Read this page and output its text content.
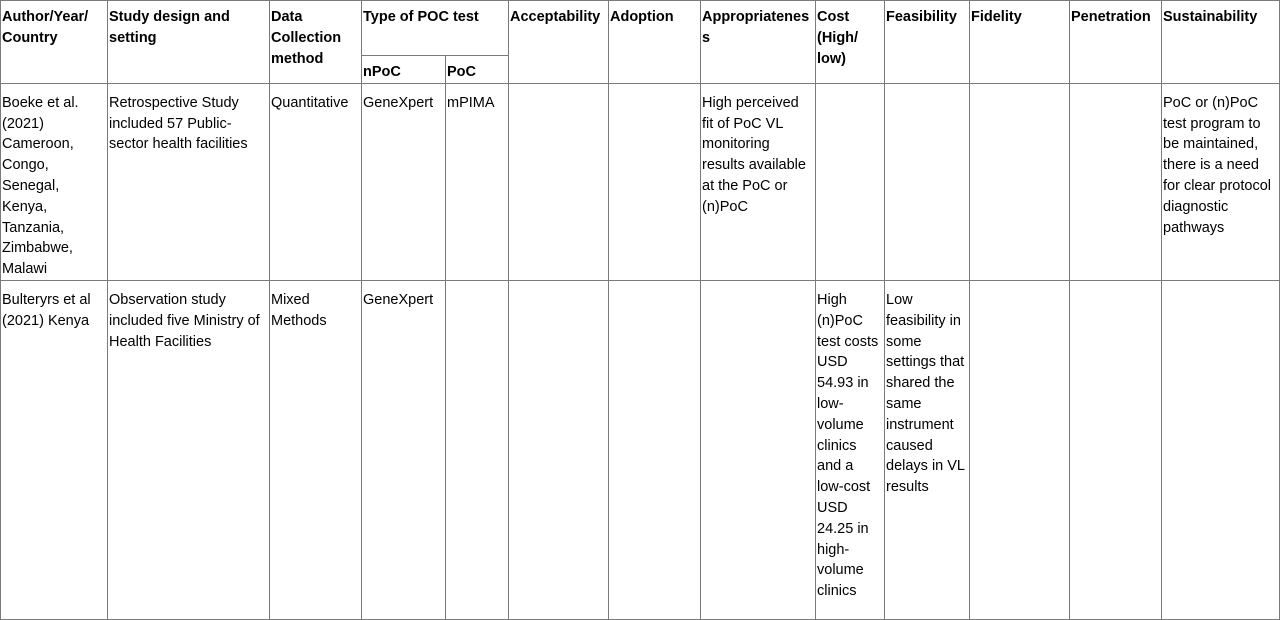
Author/Year/ Country	Study design and setting	Data Collection method	Type of POC test		Acceptability	Adoption	Appropriatenes s	Cost (High/ low)	Feasibility	Fidelity	Penetration	Sustainability
			nPoC	PoC								
Boeke et al. (2021) Cameroon, Congo, Senegal, Kenya, Tanzania, Zimbabwe, Malawi	Retrospective Study included 57 Public-sector health facilities	Quantitative	GeneXpert	mPIMA			High perceived fit of PoC VL monitoring results available at the PoC or (n)PoC					PoC or (n)PoC test program to be maintained, there is a need for clear protocol diagnostic pathways
Bulteryrs et al (2021) Kenya	Observation study included five Ministry of Health Facilities	Mixed Methods	GeneXpert					High (n)PoC test costs USD 54.93 in low-volume clinics and a low-cost USD 24.25 in high-volume clinics	Low feasibility in some settings that shared the same instrument caused delays in VL results			
